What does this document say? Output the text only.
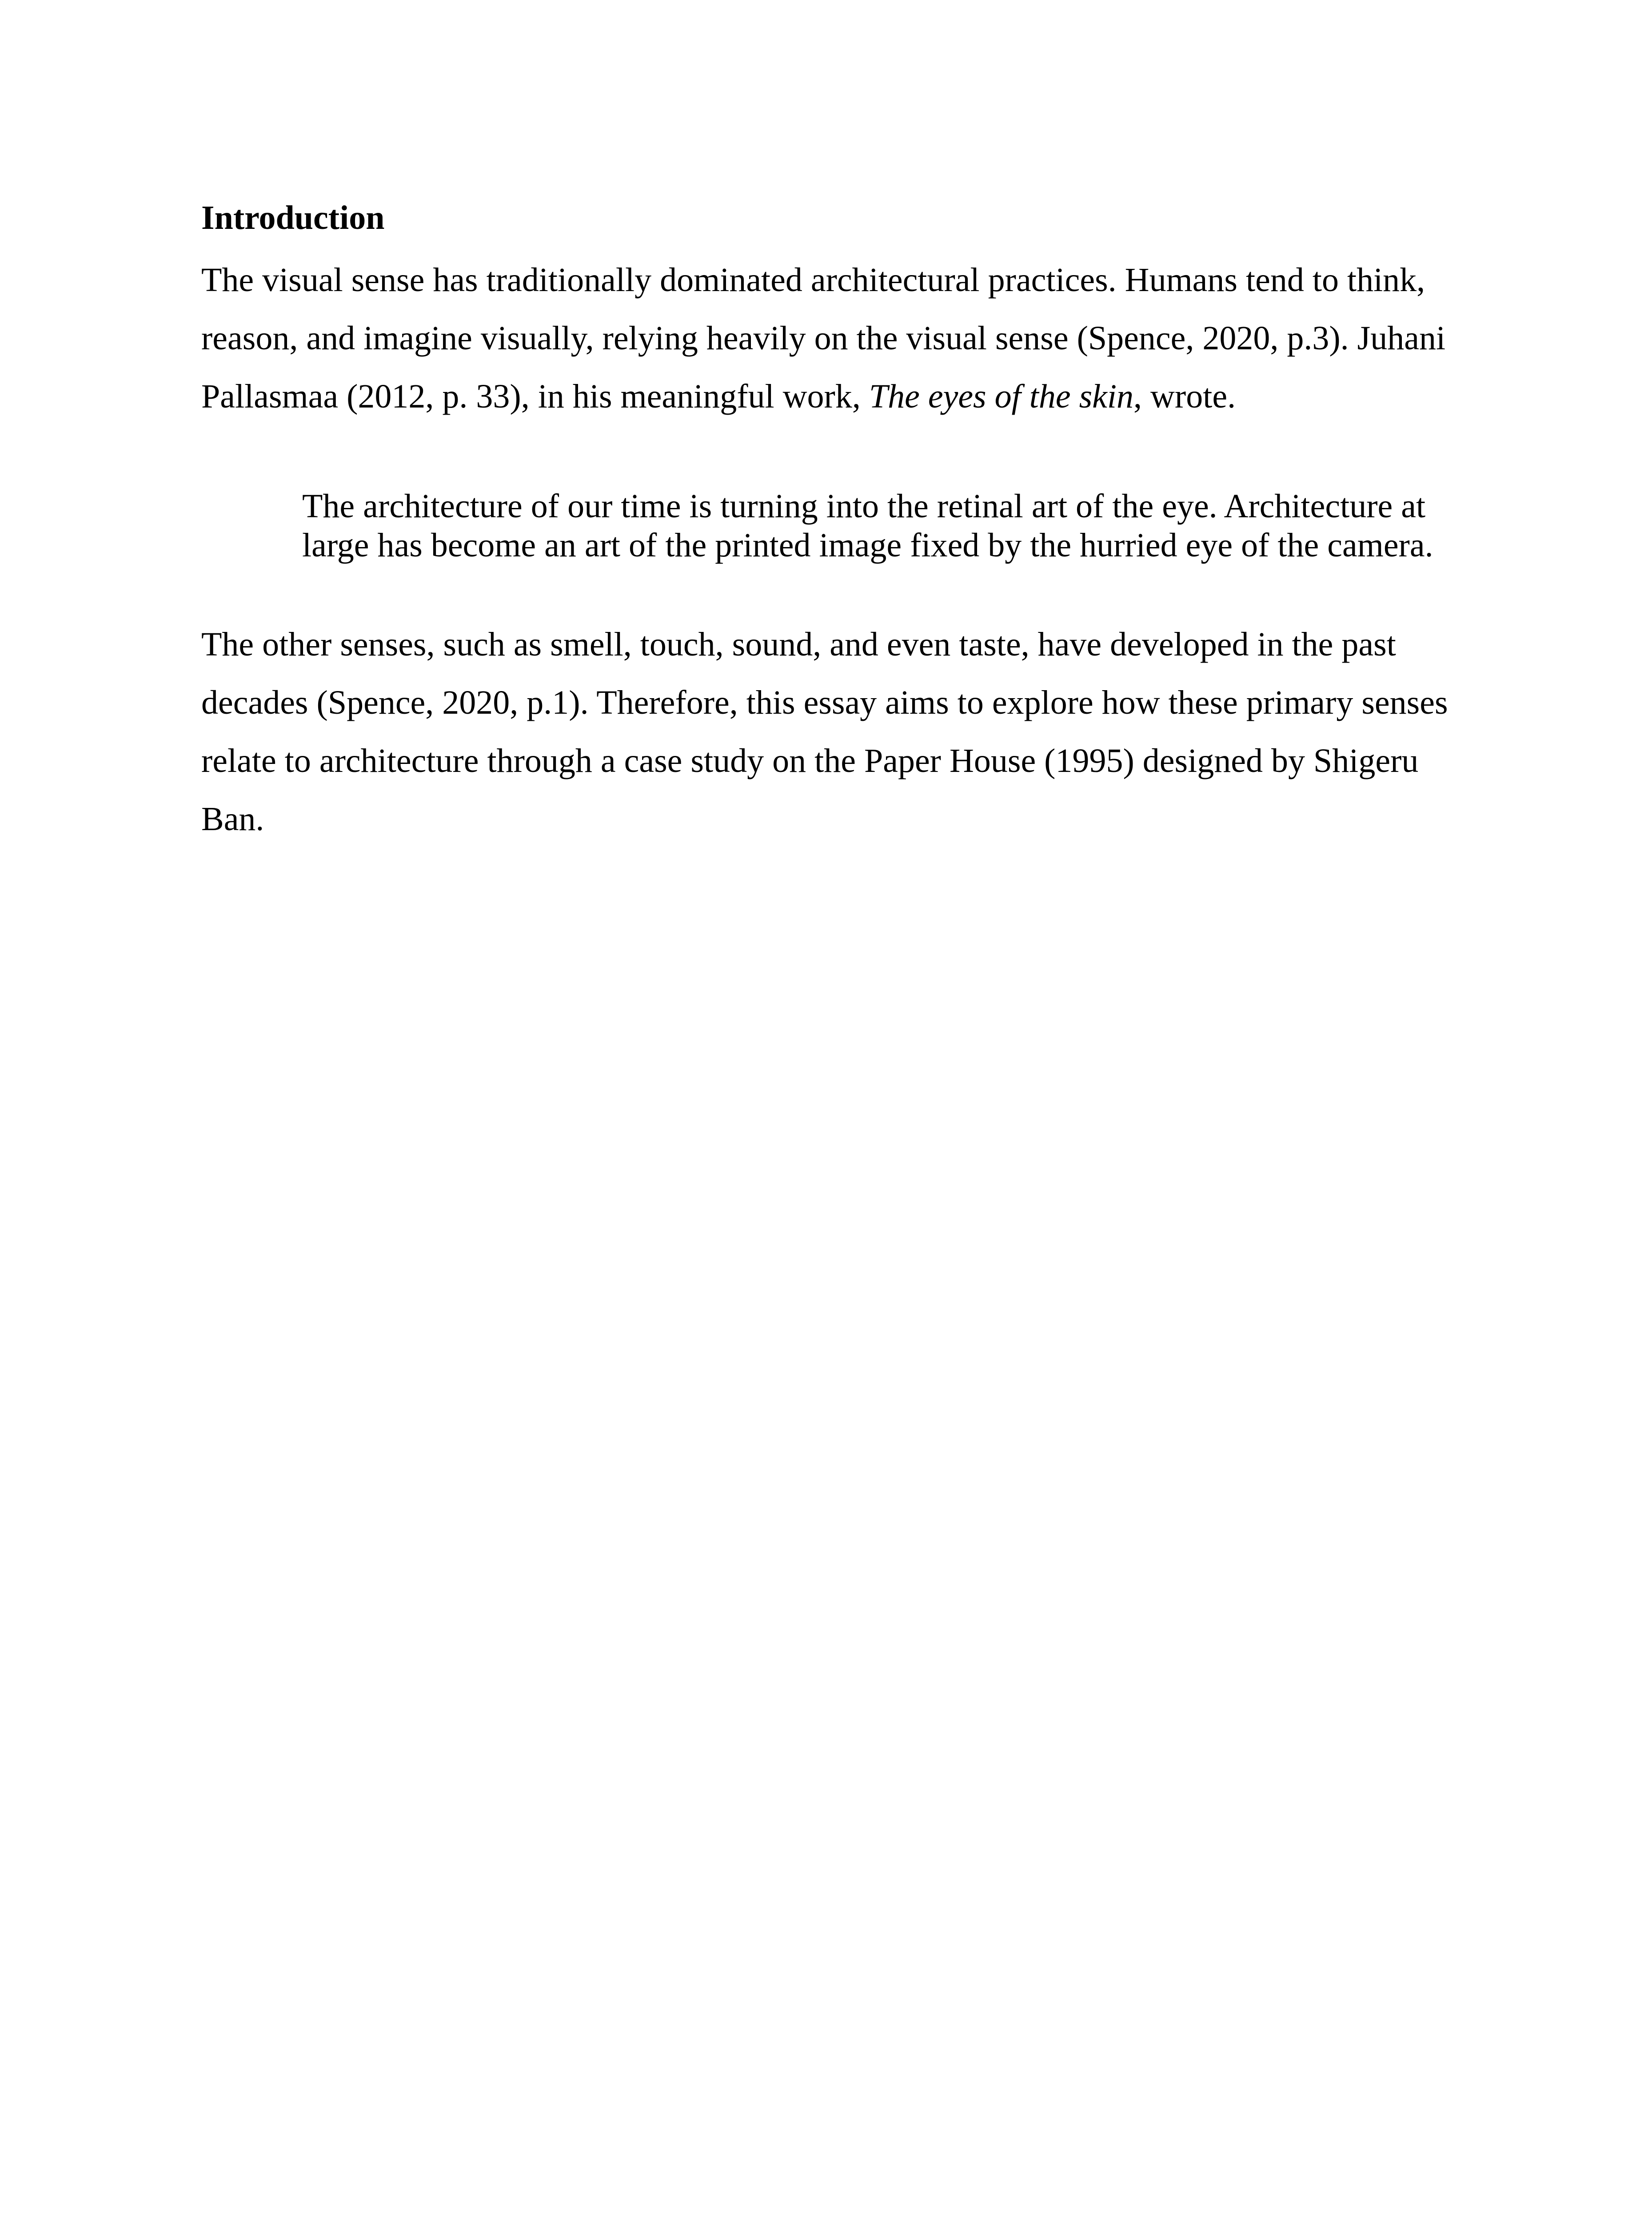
Introduction

The visual sense has traditionally dominated architectural practices. Humans tend to think,
reason, and imagine visually, relying heavily on the visual sense (Spence, 2020, p.3). Juhani
Pallasmaa (2012, p. 33), in his meaningful work, The eyes of the skin, wrote.

The architecture of our time is turning into the retinal art of the eye. Architecture at
large has become an art of the printed image fixed by the hurried eye of the camera.

The other senses, such as smell, touch, sound, and even taste, have developed in the past
decades (Spence, 2020, p.1). Therefore, this essay aims to explore how these primary senses
relate to architecture through a case study on the Paper House (1995) designed by Shigeru
Ban.
